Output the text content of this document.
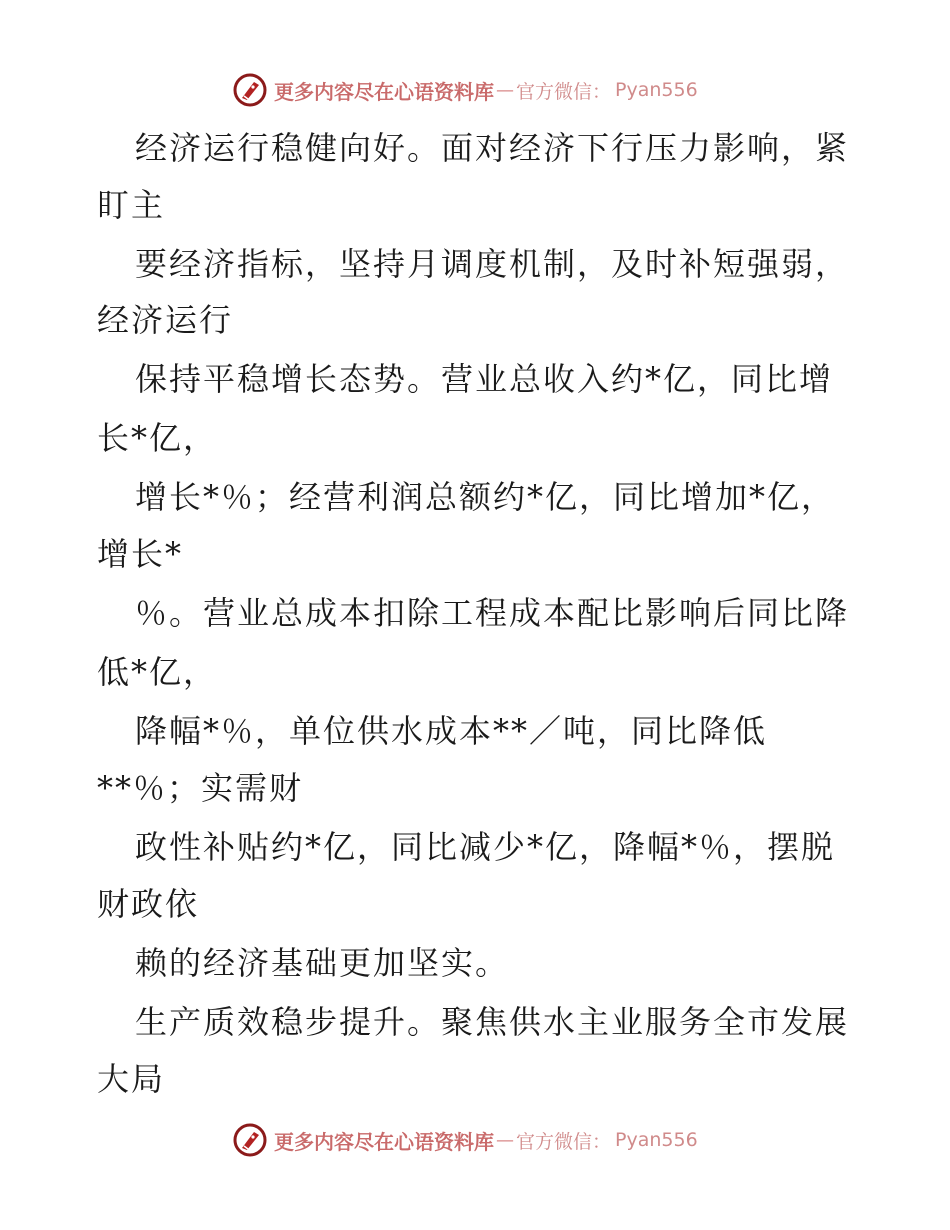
更多内容尽在心语资料库 — 官方微信： Pyan556
经济运行稳健向好。面对经济下行压力影响，紧
盯主
要经济指标，坚持月调度机制，及时补短强弱，
经济运行
保持平稳增长态势。营业总收入约*亿，同比增
长*亿，
增长*％；经营利润总额约*亿，同比增加*亿，
增长*
％。营业总成本扣除工程成本配比影响后同比降
低*亿，
降幅*％，单位供水成本**／吨，同比降低
**％；实需财
政性补贴约*亿，同比减少*亿，降幅*％，摆脱
财政依
赖的经济基础更加坚实。
生产质效稳步提升。聚焦供水主业服务全市发展
大局
更多内容尽在心语资料库 — 官方微信： Pyan556
